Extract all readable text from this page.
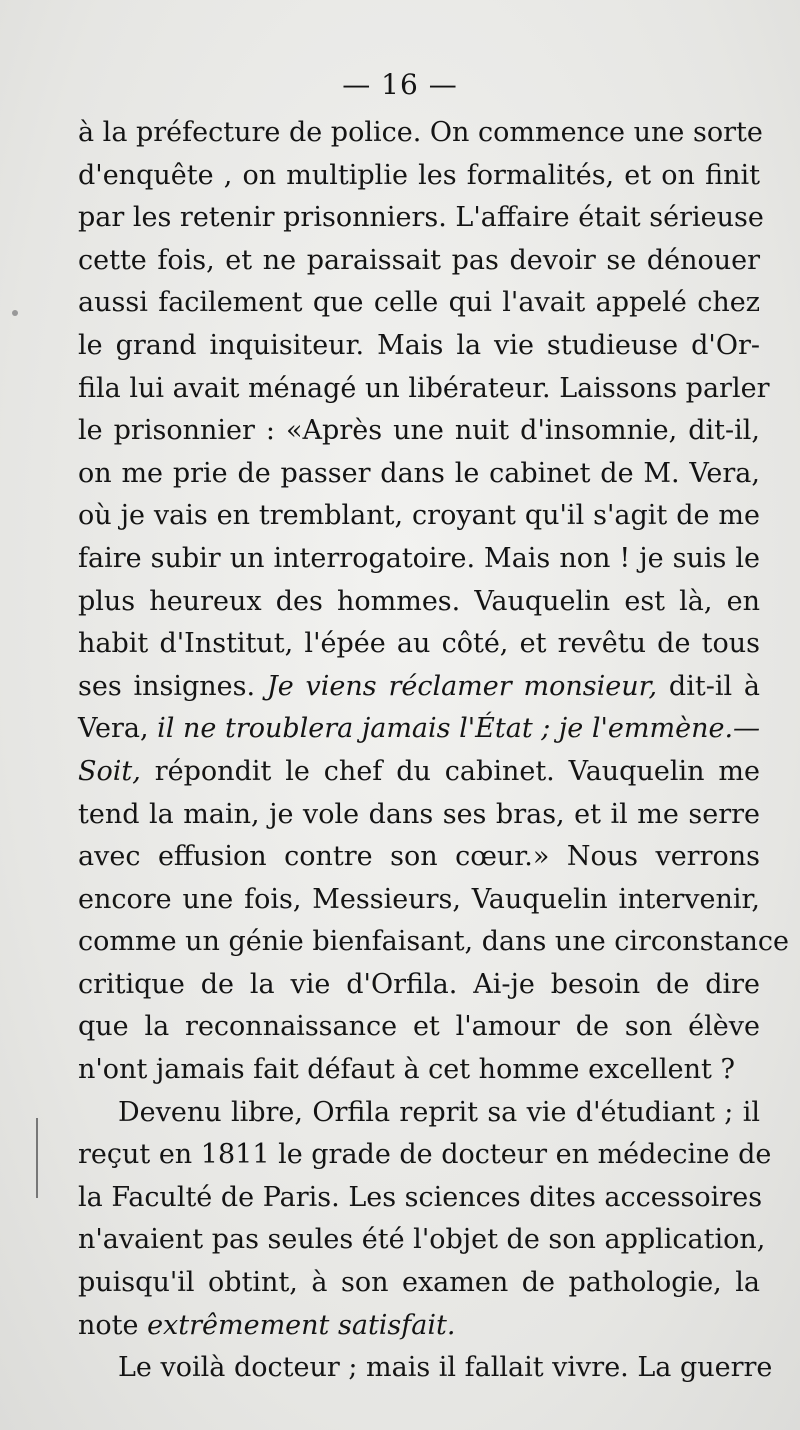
— 16 —
à la préfecture de police. On commence une sorte
d'enquête , on multiplie les formalités, et on finit
par les retenir prisonniers. L'affaire était sérieuse
cette fois, et ne paraissait pas devoir se dénouer
aussi facilement que celle qui l'avait appelé chez
le grand inquisiteur. Mais la vie studieuse d'Or-
fila lui avait ménagé un libérateur. Laissons parler
le prisonnier : «Après une nuit d'insomnie, dit-il,
on me prie de passer dans le cabinet de M. Vera,
où je vais en tremblant, croyant qu'il s'agit de me
faire subir un interrogatoire. Mais non ! je suis le
plus heureux des hommes. Vauquelin est là, en
habit d'Institut, l'épée au côté, et revêtu de tous
ses insignes. Je viens réclamer monsieur, dit-il à
Vera, il ne troublera jamais l'État ; je l'emmène.—
Soit, répondit le chef du cabinet. Vauquelin me
tend la main, je vole dans ses bras, et il me serre
avec effusion contre son cœur.» Nous verrons
encore une fois, Messieurs, Vauquelin intervenir,
comme un génie bienfaisant, dans une circonstance
critique de la vie d'Orfila. Ai-je besoin de dire
que la reconnaissance et l'amour de son élève
n'ont jamais fait défaut à cet homme excellent ?
Devenu libre, Orfila reprit sa vie d'étudiant ; il
reçut en 1811 le grade de docteur en médecine de
la Faculté de Paris. Les sciences dites accessoires
n'avaient pas seules été l'objet de son application,
puisqu'il obtint, à son examen de pathologie, la
note extrêmement satisfait.
Le voilà docteur ; mais il fallait vivre. La guerre
